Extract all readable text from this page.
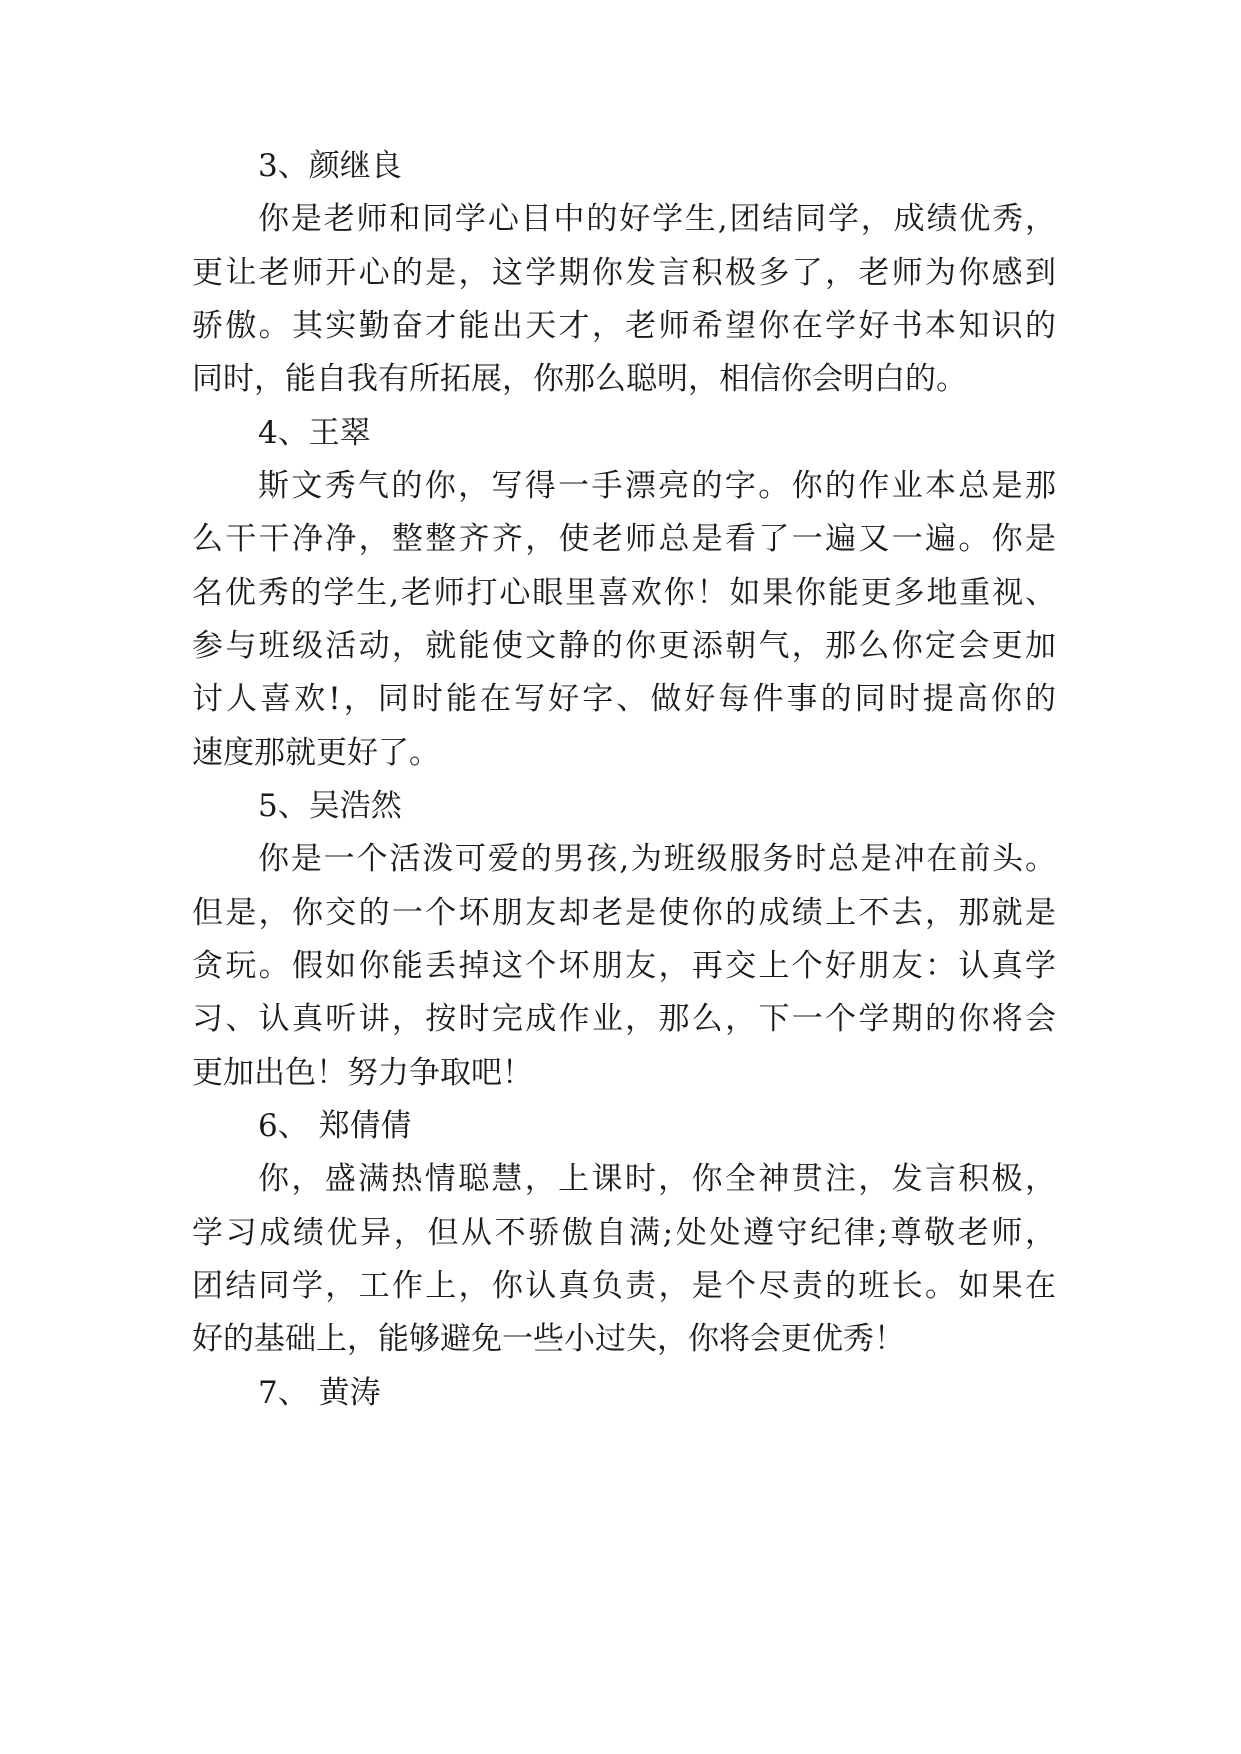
3、颜继良
你是老师和同学心目中的好学生,团结同学，成绩优秀，
更让老师开心的是，这学期你发言积极多了，老师为你感到
骄傲。其实勤奋才能出天才，老师希望你在学好书本知识的
同时，能自我有所拓展，你那么聪明，相信你会明白的。
4、王翠
斯文秀气的你，写得一手漂亮的字。你的作业本总是那
么干干净净，整整齐齐，使老师总是看了一遍又一遍。你是
名优秀的学生,老师打心眼里喜欢你！如果你能更多地重视、
参与班级活动，就能使文静的你更添朝气，那么你定会更加
讨人喜欢!，同时能在写好字、做好每件事的同时提高你的
速度那就更好了。
5、吴浩然
你是一个活泼可爱的男孩,为班级服务时总是冲在前头。
但是，你交的一个坏朋友却老是使你的成绩上不去，那就是
贪玩。假如你能丢掉这个坏朋友，再交上个好朋友：认真学
习、认真听讲，按时完成作业，那么，下一个学期的你将会
更加出色！努力争取吧！
6、 郑倩倩
你，盛满热情聪慧，上课时，你全神贯注，发言积极，
学习成绩优异，但从不骄傲自满;处处遵守纪律;尊敬老师，
团结同学，工作上，你认真负责，是个尽责的班长。如果在
好的基础上，能够避免一些小过失，你将会更优秀！
7、 黄涛
